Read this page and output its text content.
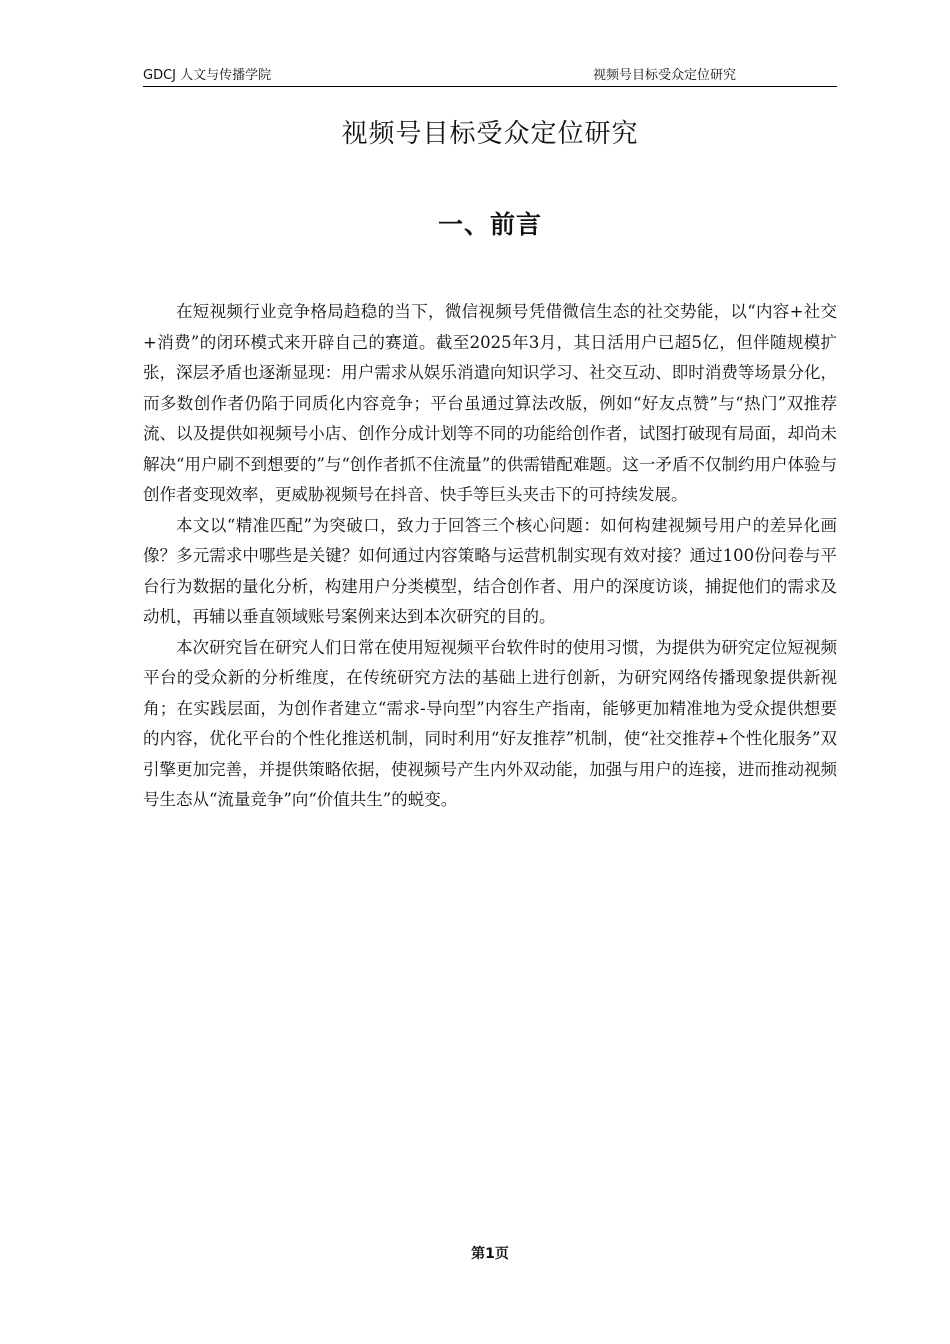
GDCJ 人文与传播学院	视频号目标受众定位研究
视频号目标受众定位研究
一、前言

在短视频行业竞争格局趋稳的当下，微信视频号凭借微信生态的社交势能，以“内容+社交+消费”的闭环模式来开辟自己的赛道。截至2025年3月，其日活用户已超5亿，但伴随规模扩张，深层矛盾也逐渐显现：用户需求从娱乐消遣向知识学习、社交互动、即时消费等场景分化，而多数创作者仍陷于同质化内容竞争；平台虽通过算法改版，例如“好友点赞”与“热门”双推荐流、以及提供如视频号小店、创作分成计划等不同的功能给创作者，试图打破现有局面，却尚未解决“用户刷不到想要的”与“创作者抓不住流量”的供需错配难题。这一矛盾不仅制约用户体验与创作者变现效率，更威胁视频号在抖音、快手等巨头夹击下的可持续发展。

本文以“精准匹配”为突破口，致力于回答三个核心问题：如何构建视频号用户的差异化画像？多元需求中哪些是关键？如何通过内容策略与运营机制实现有效对接？通过100份问卷与平台行为数据的量化分析，构建用户分类模型，结合创作者、用户的深度访谈，捕捉他们的需求及动机，再辅以垂直领域账号案例来达到本次研究的目的。

本次研究旨在研究人们日常在使用短视频平台软件时的使用习惯，为提供为研究定位短视频平台的受众新的分析维度，在传统研究方法的基础上进行创新，为研究网络传播现象提供新视角；在实践层面，为创作者建立“需求-导向型”内容生产指南，能够更加精准地为受众提供想要的内容，优化平台的个性化推送机制，同时利用“好友推荐”机制，使“社交推荐+个性化服务”双引擎更加完善，并提供策略依据，使视频号产生内外双动能，加强与用户的连接，进而推动视频号生态从“流量竞争”向“价值共生”的蜕变。

第1页
